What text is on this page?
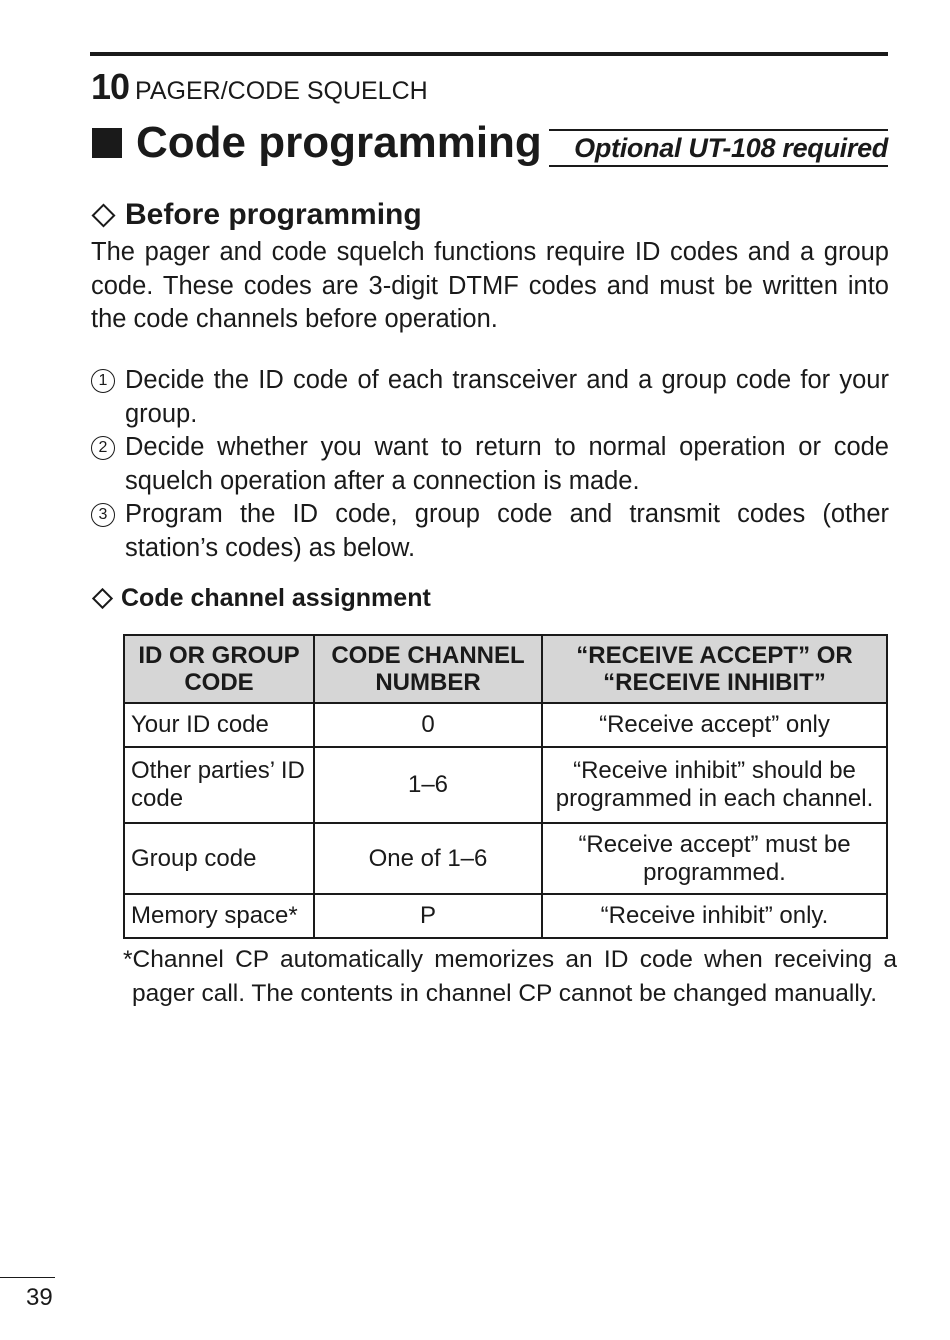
10 PAGER/CODE SQUELCH
Code programming	Optional UT-108 required
Before programming
The pager and code squelch functions require ID codes and a group code. These codes are 3-digit DTMF codes and must be written into the code channels before operation.
1 Decide the ID code of each transceiver and a group code for your group.
2 Decide whether you want to return to normal operation or code squelch operation after a connection is made.
3 Program the ID code, group code and transmit codes (other station’s codes) as below.
Code channel assignment
ID OR GROUP CODE	CODE CHANNEL NUMBER	“RECEIVE ACCEPT” OR “RECEIVE INHIBIT”
Your ID code	0	“Receive accept” only
Other parties’ ID code	1–6	“Receive inhibit” should be programmed in each channel.
Group code	One of 1–6	“Receive accept” must be programmed.
Memory space*	P	“Receive inhibit” only.
*Channel CP automatically memorizes an ID code when receiving a pager call. The contents in channel CP cannot be changed manually.
39
